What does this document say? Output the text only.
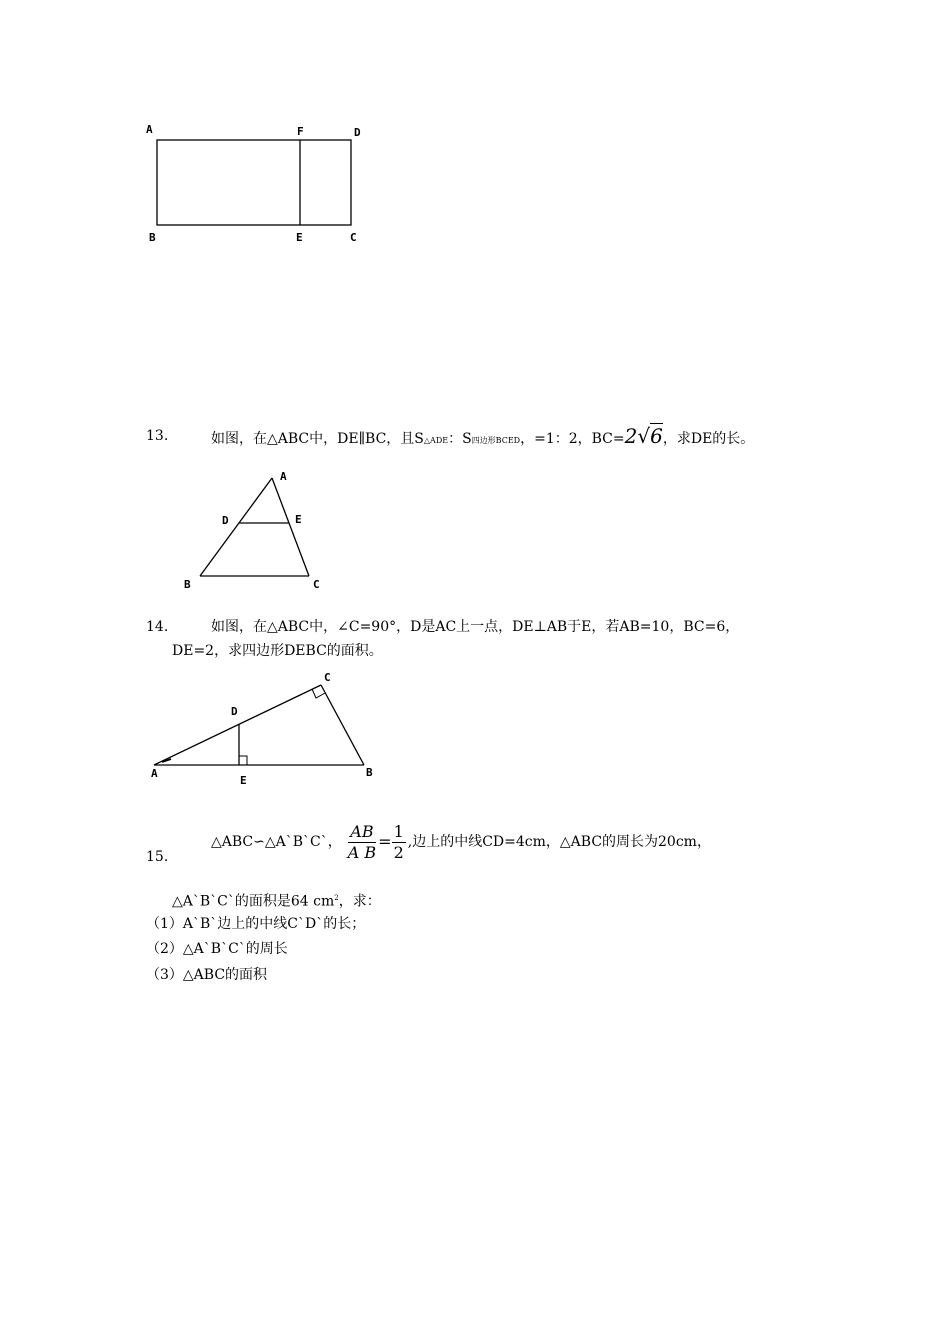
A	F	D
B	E	C
13.	如图，在△ABC中，DE∥BC，且S△ADE：S四边形BCED，=1：2，BC=2√6，求DE的长。
A
D	E
B	C
14.	如图，在△ABC中，∠C=90°，D是AC上一点，DE⊥AB于E，若AB=10，BC=6，
DE=2，求四边形DEBC的面积。
C
D
A
E
B
15.
△ABC∽△A`B`C`， $\frac{AB}{\text{A B}} = \frac{1}{2}$ ,边上的中线CD=4cm，△ABC的周长为20cm，
△A`B`C`的面积是64 $cm^2$，求：
（1）A`B`边上的中线C`D`的长；
（2）△A`B`C`的周长
（3）△ABC的面积
